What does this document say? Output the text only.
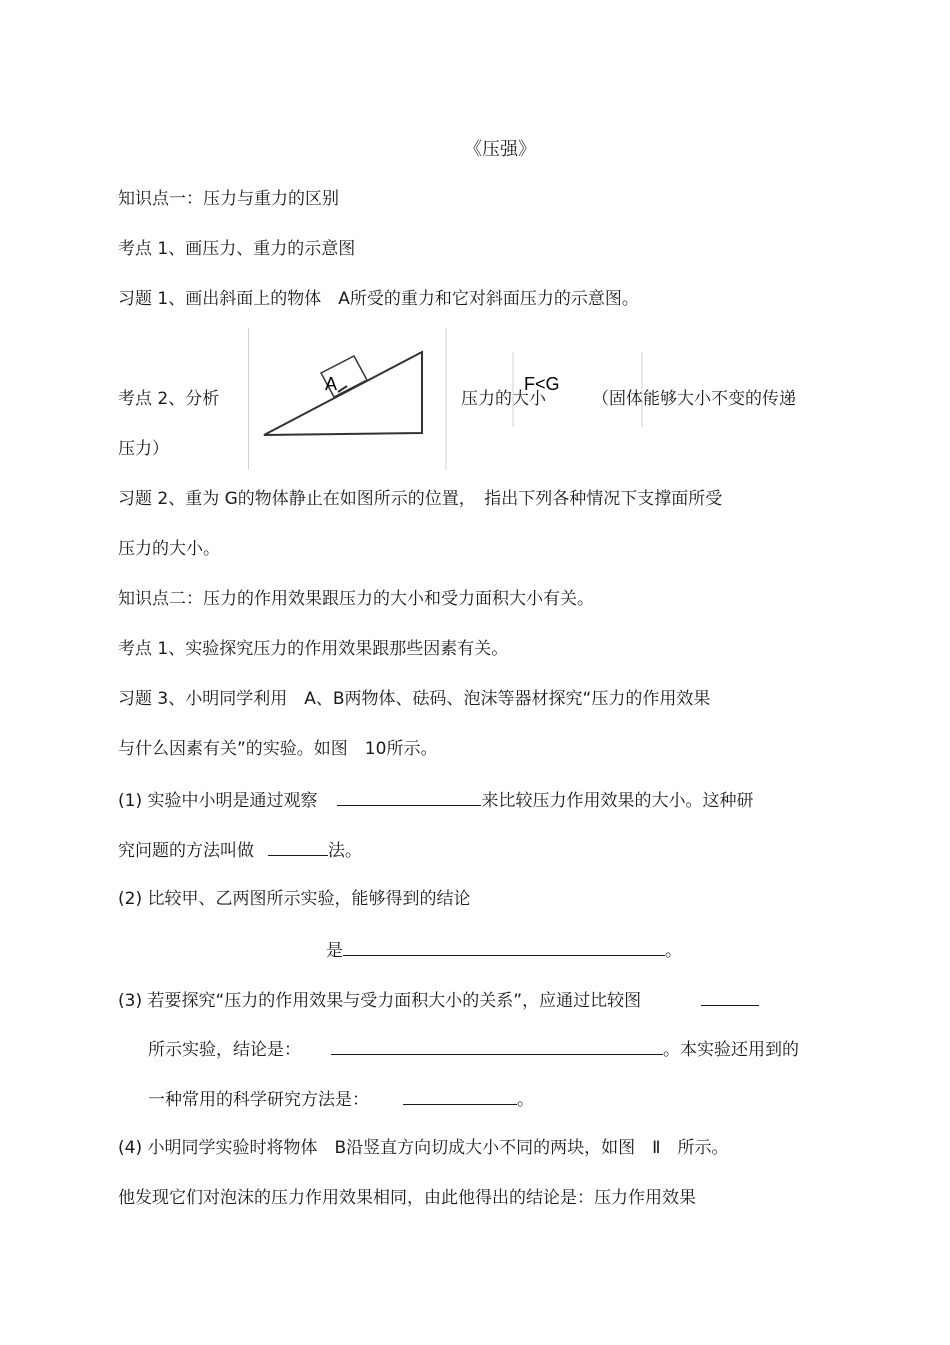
《压强》
知识点一：压力与重力的区别
考点 1、画压力、重力的示意图
习题 1、画出斜面上的物体　A所受的重力和它对斜面压力的示意图。
A
考点 2、分析	压力的大小	（固体能够大小不变的传递
F<G
压力）
习题 2、重为 G的物体静止在如图所示的位置，　指出下列各种情况下支撑面所受
压力的大小。
知识点二：压力的作用效果跟压力的大小和受力面积大小有关。
考点 1、实验探究压力的作用效果跟那些因素有关。
习题 3、小明同学利用　A、B两物体、砝码、泡沫等器材探究“压力的作用效果
与什么因素有关”的实验。如图　10所示。
(1) 实验中小明是通过观察	来比较压力作用效果的大小。这种研
究问题的方法叫做	法。
(2) 比较甲、乙两图所示实验，能够得到的结论
是	。
(3) 若要探究“压力的作用效果与受力面积大小的关系”，应通过比较图
所示实验，结论是：	。本实验还用到的
一种常用的科学研究方法是：	。
(4) 小明同学实验时将物体　B沿竖直方向切成大小不同的两块，如图　Ⅱ　所示。
他发现它们对泡沫的压力作用效果相同，由此他得出的结论是：压力作用效果
